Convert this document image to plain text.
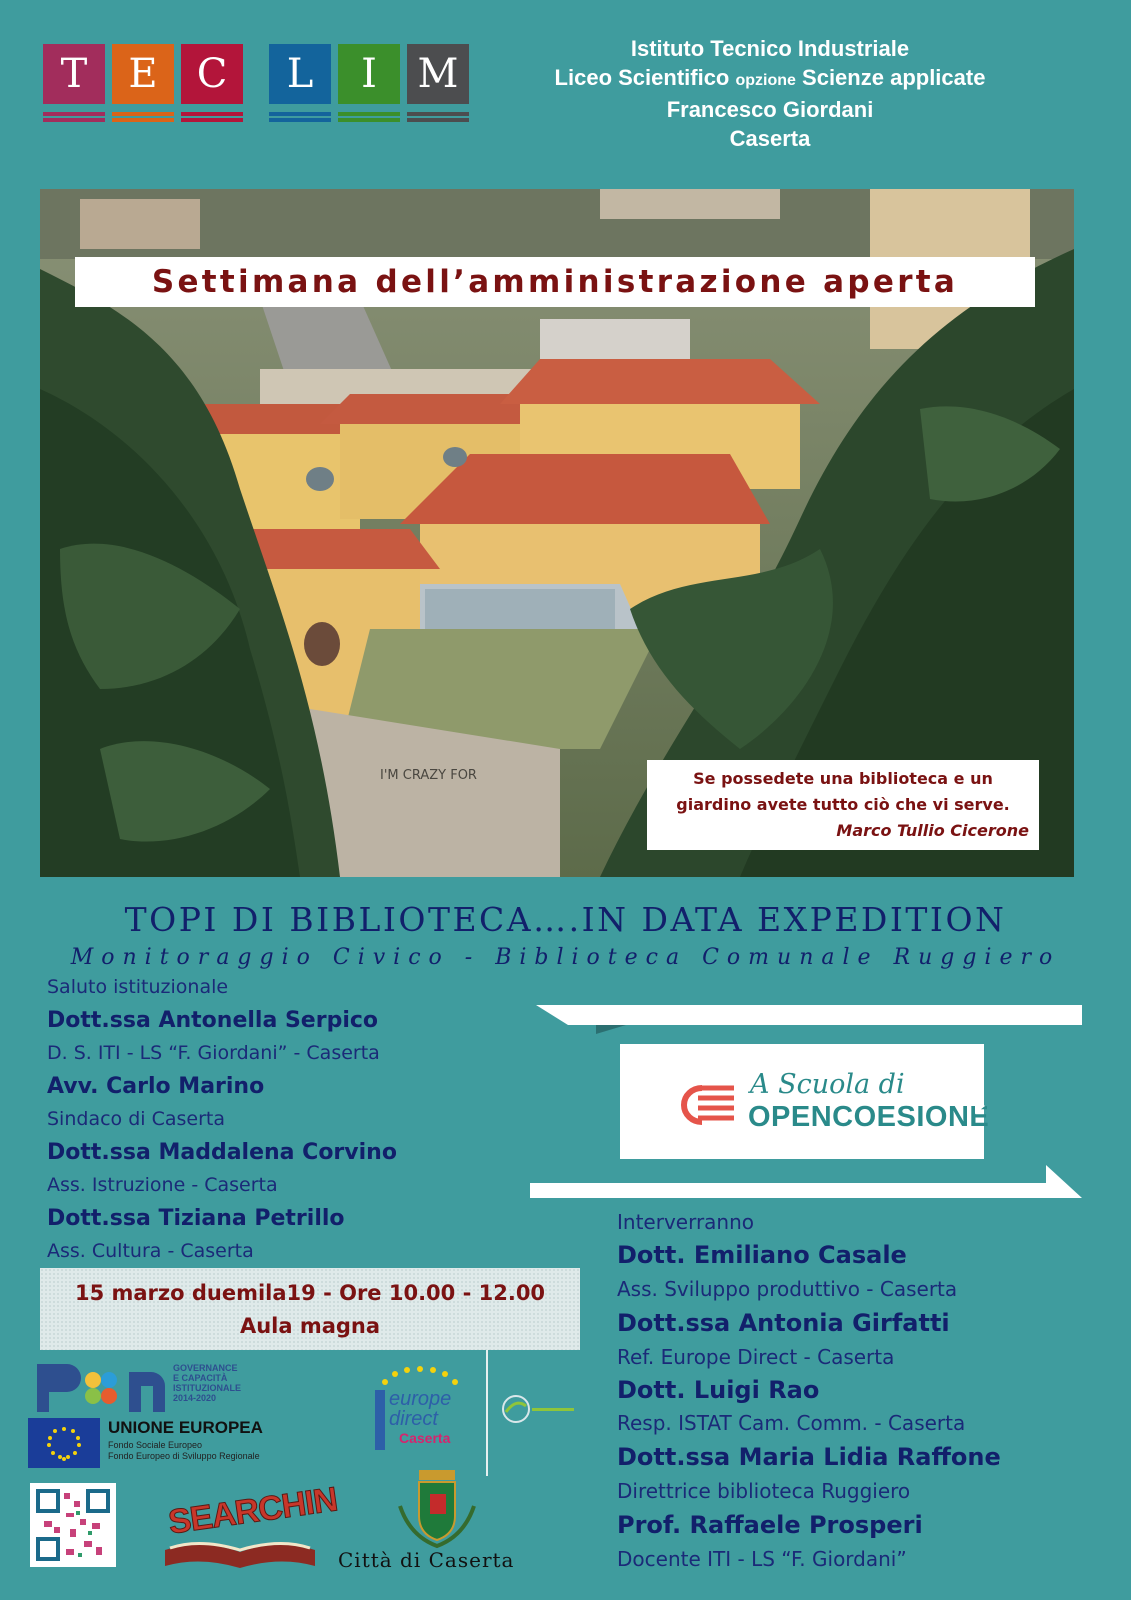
T	E C	L	I	M
Istituto Tecnico Industriale
Liceo Scientifico opzione Scienze applicate
Francesco Giordani
Caserta
I'M CRAZY FOR
Settimana dell’amministrazione aperta
Se possedete una biblioteca e un
giardino avete tutto ciò che vi serve.
Marco Tullio Cicerone
TOPI DI BIBLIOTECA….IN DATA EXPEDITION
Monitoraggio Civico - Biblioteca Comunale Ruggiero
Saluto istituzionale
Dott.ssa Antonella Serpico
D. S. ITI - LS “F. Giordani” - Caserta
Avv. Carlo Marino
Sindaco di Caserta
Dott.ssa Maddalena Corvino
Ass. Istruzione - Caserta
Dott.ssa Tiziana Petrillo
Ass. Cultura - Caserta
A Scuola di
OPENCOESIONE
Interverranno
Dott. Emiliano Casale
Ass. Sviluppo produttivo - Caserta
Dott.ssa Antonia Girfatti
Ref. Europe Direct - Caserta
Dott. Luigi Rao
Resp. ISTAT Cam. Comm. - Caserta
Dott.ssa Maria Lidia Raffone
Direttrice biblioteca Ruggiero
Prof. Raffaele Prosperi
Docente ITI - LS “F. Giordani”
15 marzo duemila19 - Ore 10.00 - 12.00
Aula magna
GOVERNANCE
E CAPACITÀ
ISTITUZIONALE
2014-2020
UNIONE EUROPEA
Fondo Sociale Europeo
Fondo Europeo di Sviluppo Regionale
SEARCHIN
europe
direct
Caserta
Città di Caserta
